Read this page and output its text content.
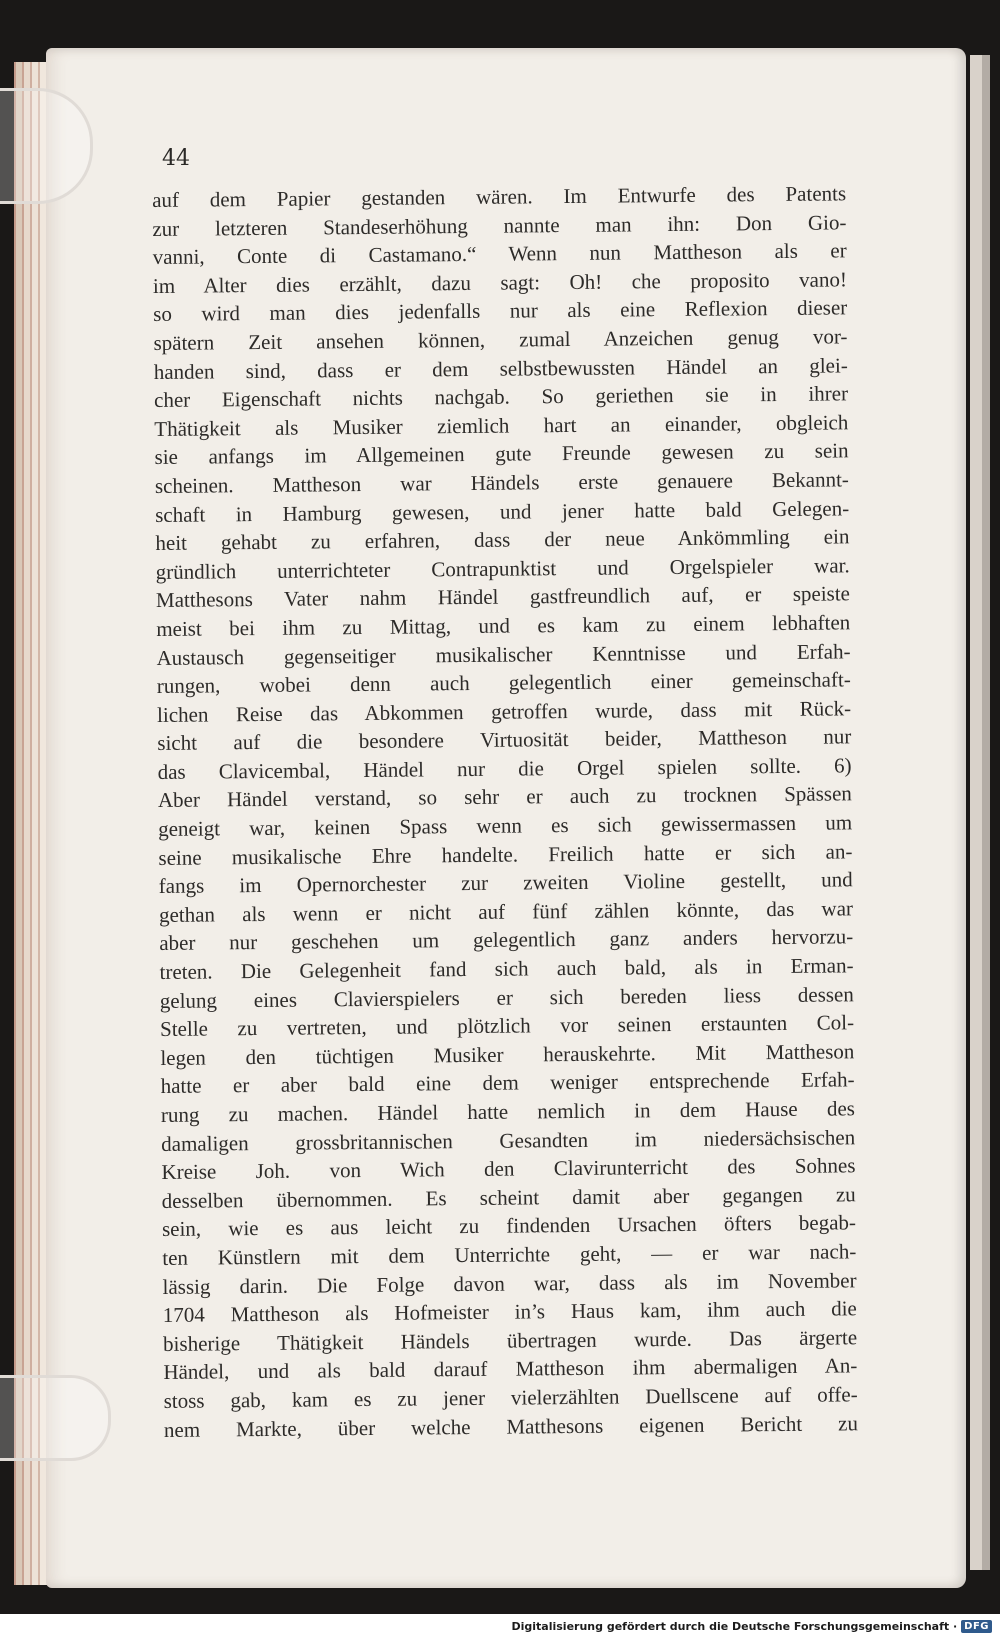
44
auf dem Papier gestanden wären. Im Entwurfe des Patents
zur letzteren Standeserhöhung nannte man ihn: Don Gio-
vanni, Conte di Castamano.“ Wenn nun Mattheson als er
im Alter dies erzählt, dazu sagt: Oh! che proposito vano!
so wird man dies jedenfalls nur als eine Reflexion dieser
spätern Zeit ansehen können, zumal Anzeichen genug vor-
handen sind, dass er dem selbstbewussten Händel an glei-
cher Eigenschaft nichts nachgab. So geriethen sie in ihrer
Thätigkeit als Musiker ziemlich hart an einander, obgleich
sie anfangs im Allgemeinen gute Freunde gewesen zu sein
scheinen. Mattheson war Händels erste genauere Bekannt-
schaft in Hamburg gewesen, und jener hatte bald Gelegen-
heit gehabt zu erfahren, dass der neue Ankömmling ein
gründlich unterrichteter Contrapunktist und Orgelspieler war.
Matthesons Vater nahm Händel gastfreundlich auf, er speiste
meist bei ihm zu Mittag, und es kam zu einem lebhaften
Austausch gegenseitiger musikalischer Kenntnisse und Erfah-
rungen, wobei denn auch gelegentlich einer gemeinschaft-
lichen Reise das Abkommen getroffen wurde, dass mit Rück-
sicht auf die besondere Virtuosität beider, Mattheson nur
das Clavicembal, Händel nur die Orgel spielen sollte. 6)
Aber Händel verstand, so sehr er auch zu trocknen Spässen
geneigt war, keinen Spass wenn es sich gewissermassen um
seine musikalische Ehre handelte. Freilich hatte er sich an-
fangs im Opernorchester zur zweiten Violine gestellt, und
gethan als wenn er nicht auf fünf zählen könnte, das war
aber nur geschehen um gelegentlich ganz anders hervorzu-
treten. Die Gelegenheit fand sich auch bald, als in Erman-
gelung eines Clavierspielers er sich bereden liess dessen
Stelle zu vertreten, und plötzlich vor seinen erstaunten Col-
legen den tüchtigen Musiker herauskehrte. Mit Mattheson
hatte er aber bald eine dem weniger entsprechende Erfah-
rung zu machen. Händel hatte nemlich in dem Hause des
damaligen grossbritannischen Gesandten im niedersächsischen
Kreise Joh. von Wich den Clavirunterricht des Sohnes
desselben übernommen. Es scheint damit aber gegangen zu
sein, wie es aus leicht zu findenden Ursachen öfters begab-
ten Künstlern mit dem Unterrichte geht, — er war nach-
lässig darin. Die Folge davon war, dass als im November
1704 Mattheson als Hofmeister in’s Haus kam, ihm auch die
bisherige Thätigkeit Händels übertragen wurde. Das ärgerte
Händel, und als bald darauf Mattheson ihm abermaligen An-
stoss gab, kam es zu jener vielerzählten Duellscene auf offe-
nem Markte, über welche Matthesons eigenen Bericht zu
Digitalisierung gefördert durch die Deutsche Forschungsgemeinschaft · DFG
